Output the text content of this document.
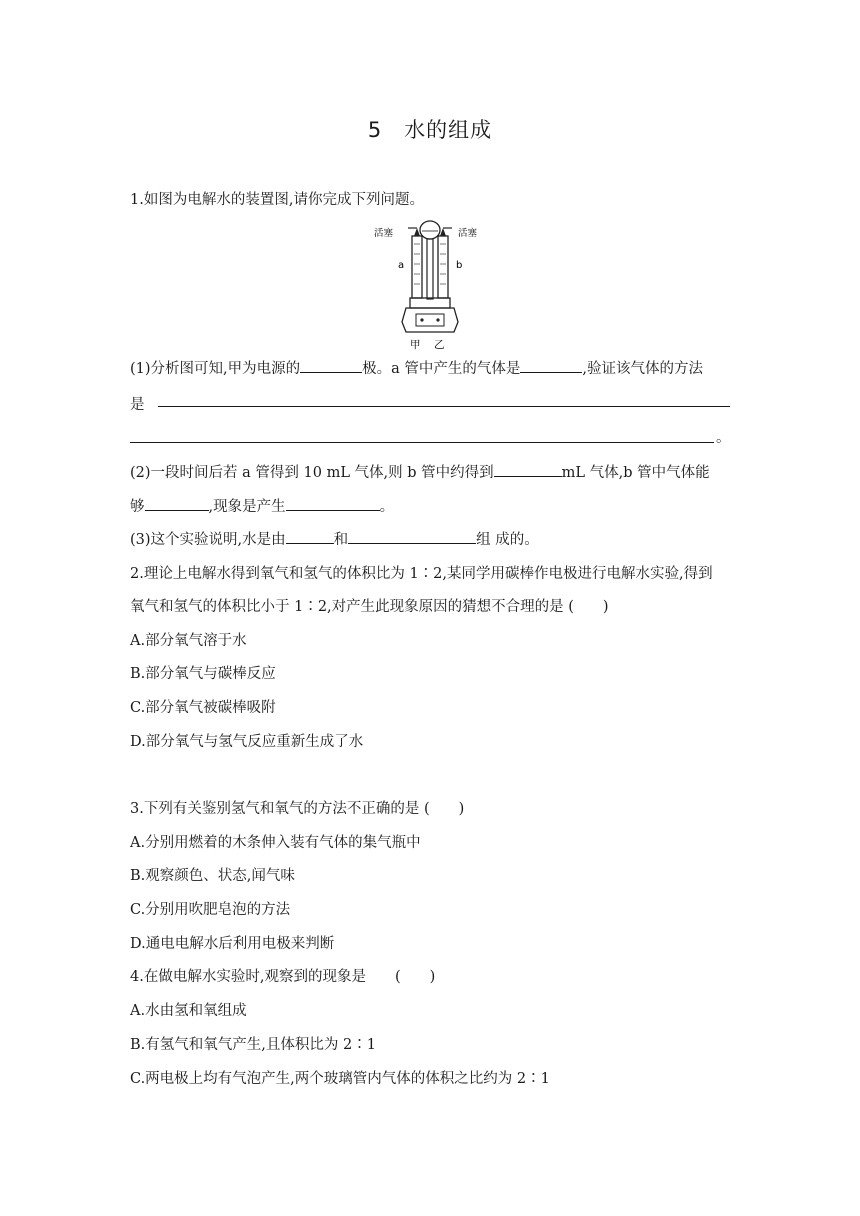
5　水的组成
1.如图为电解水的装置图,请你完成下列问题。
活塞	活塞
a	b
甲 乙
(1)分析图可知,甲为电源的	极。a 管中产生的气体是	,验证该气体的方法
是
。
(2)一段时间后若 a 管得到 10 mL 气体,则 b 管中约得到	mL 气体,b 管中气体能
够	,现象是产生	。
(3)这个实验说明,水是由	和	组 成的。
2.理论上电解水得到氧气和氢气的体积比为 1∶2,某同学用碳棒作电极进行电解水实验,得到
氧气和氢气的体积比小于 1∶2,对产生此现象原因的猜想不合理的是 (　　)
A.部分氧气溶于水
B.部分氧气与碳棒反应
C.部分氧气被碳棒吸附
D.部分氧气与氢气反应重新生成了水
3.下列有关鉴别氢气和氧气的方法不正确的是 (　　)
A.分别用燃着的木条伸入装有气体的集气瓶中
B.观察颜色、状态,闻气味
C.分别用吹肥皂泡的方法
D.通电电解水后利用电极来判断
4.在做电解水实验时,观察到的现象是　　(　　)
A.水由氢和氧组成
B.有氢气和氧气产生,且体积比为 2∶1
C.两电极上均有气泡产生,两个玻璃管内气体的体积之比约为 2∶1
